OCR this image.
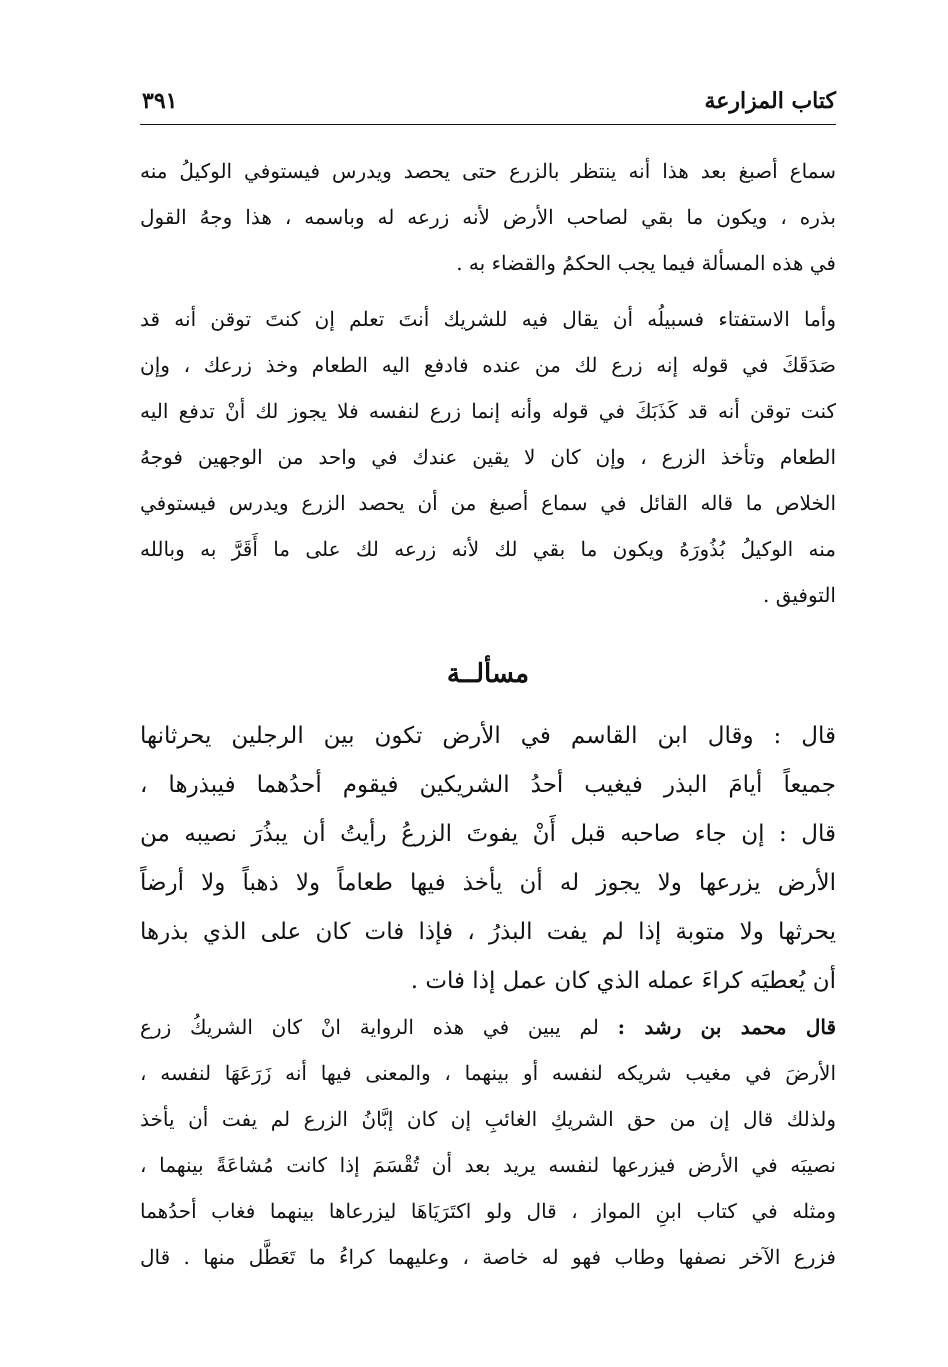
كتاب المزارعة
٣٩١
سماع أصبغ بعد هذا أنه ينتظر بالزرع حتى يحصد ويدرس فيستوفي الوكيلُ منه
بذره ، ويكون ما بقي لصاحب الأرض لأنه زرعه له وباسمه ، هذا وجهُ القول
في هذه المسألة فيما يجب الحكمُ والقضاء به .
وأما الاستفتاء فسبيلُه أن يقال فيه للشريك أنتَ تعلم إن كنتَ توقن أنه قد
صَدَقَكَ في قوله إنه زرع لك من عنده فادفع اليه الطعام وخذ زرعك ، وإن
كنت توقن أنه قد كَذَبَكَ في قوله وأنه إنما زرع لنفسه فلا يجوز لك أنْ تدفع اليه
الطعام وتأخذ الزرع ، وإن كان لا يقين عندك في واحد من الوجهين فوجهُ
الخلاص ما قاله القائل في سماع أصبغ من أن يحصد الزرع ويدرس فيستوفي
منه الوكيلُ بُذُورَهُ ويكون ما بقي لك لأنه زرعه لك على ما أَقَرَّ به وبالله
التوفيق .
مسألــة
قال : وقال ابن القاسم في الأرض تكون بين الرجلين يحرثانها
جميعاً أيامَ البذر فيغيب أحدُ الشريكين فيقوم أحدُهما فيبذرها ،
قال : إن جاء صاحبه قبل أَنْ يفوتَ الزرعُ رأيتُ أن يبذُرَ نصيبه من
الأرض يزرعها ولا يجوز له أن يأخذ فيها طعاماً ولا ذهباً ولا أرضاً
يحرثها ولا متوبة إذا لم يفت البذرُ ، فإذا فات كان على الذي بذرها
أن يُعطيَه كراءَ عمله الذي كان عمل إذا فات .
قال محمد بن رشد : لم يبين في هذه الرواية انْ كان الشريكُ زرع
الأرضَ في مغيب شريكه لنفسه أو بينهما ، والمعنى فيها أنه زَرَعَهَا لنفسه ،
ولذلك قال إن من حق الشريكِ الغائبِ إن كان إبَّانُ الزرع لم يفت أن يأخذ
نصيبَه في الأرض فيزرعها لنفسه يريد بعد أن تُقْسَمَ إذا كانت مُشاعَةً بينهما ،
ومثله في كتاب ابنِ المواز ، قال ولو اكتَرَيَاهَا ليزرعاها بينهما فغاب أحدُهما
فزرع الآخر نصفها وطاب فهو له خاصة ، وعليهما كراءُ ما تَعَطَّل منها . قال
